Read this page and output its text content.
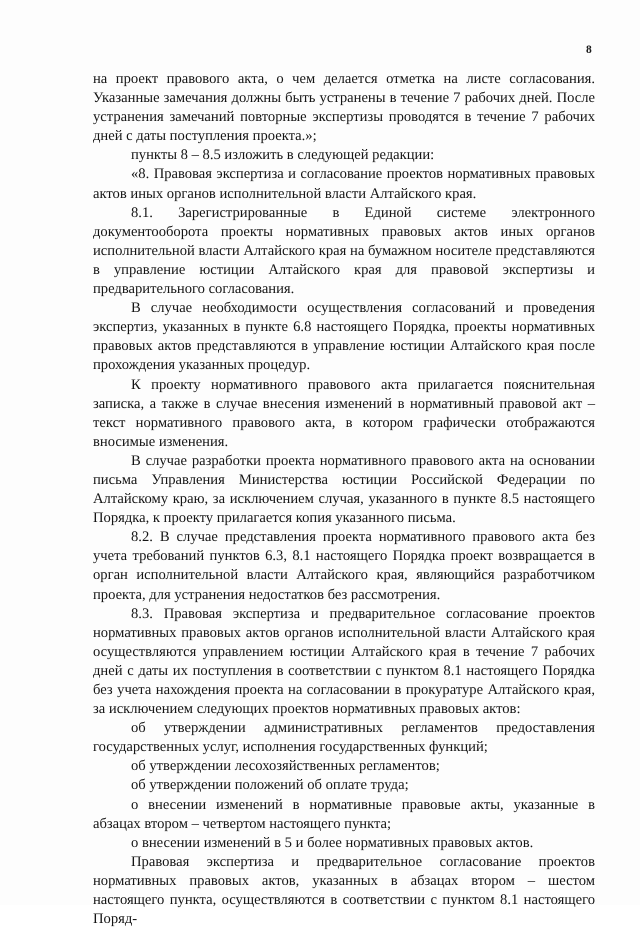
8

на проект правового акта, о чем делается отметка на листе согласования. Указанные замечания должны быть устранены в течение 7 рабочих дней. После устранения замечаний повторные экспертизы проводятся в течение 7 рабочих дней с даты поступления проекта.»;

пункты 8 – 8.5 изложить в следующей редакции:

«8. Правовая экспертиза и согласование проектов нормативных правовых актов иных органов исполнительной власти Алтайского края.

8.1. Зарегистрированные в Единой системе электронного документооборота проекты нормативных правовых актов иных органов исполнительной власти Алтайского края на бумажном носителе представляются в управление юстиции Алтайского края для правовой экспертизы и предварительного согласования.

В случае необходимости осуществления согласований и проведения экспертиз, указанных в пункте 6.8 настоящего Порядка, проекты нормативных правовых актов представляются в управление юстиции Алтайского края после прохождения указанных процедур.

К проекту нормативного правового акта прилагается пояснительная записка, а также в случае внесения изменений в нормативный правовой акт – текст нормативного правового акта, в котором графически отображаются вносимые изменения.

В случае разработки проекта нормативного правового акта на основании письма Управления Министерства юстиции Российской Федерации по Алтайскому краю, за исключением случая, указанного в пункте 8.5 настоящего Порядка, к проекту прилагается копия указанного письма.

8.2. В случае представления проекта нормативного правового акта без учета требований пунктов 6.3, 8.1 настоящего Порядка проект возвращается в орган исполнительной власти Алтайского края, являющийся разработчиком проекта, для устранения недостатков без рассмотрения.

8.3. Правовая экспертиза и предварительное согласование проектов нормативных правовых актов органов исполнительной власти Алтайского края осуществляются управлением юстиции Алтайского края в течение 7 рабочих дней с даты их поступления в соответствии с пунктом 8.1 настоящего Порядка без учета нахождения проекта на согласовании в прокуратуре Алтайского края, за исключением следующих проектов нормативных правовых актов:

об утверждении административных регламентов предоставления государственных услуг, исполнения государственных функций;

об утверждении лесохозяйственных регламентов;

об утверждении положений об оплате труда;

о внесении изменений в нормативные правовые акты, указанные в абзацах втором – четвертом настоящего пункта;

о внесении изменений в 5 и более нормативных правовых актов.

Правовая экспертиза и предварительное согласование проектов нормативных правовых актов, указанных в абзацах втором – шестом настоящего пункта, осуществляются в соответствии с пунктом 8.1 настоящего Поряд-
